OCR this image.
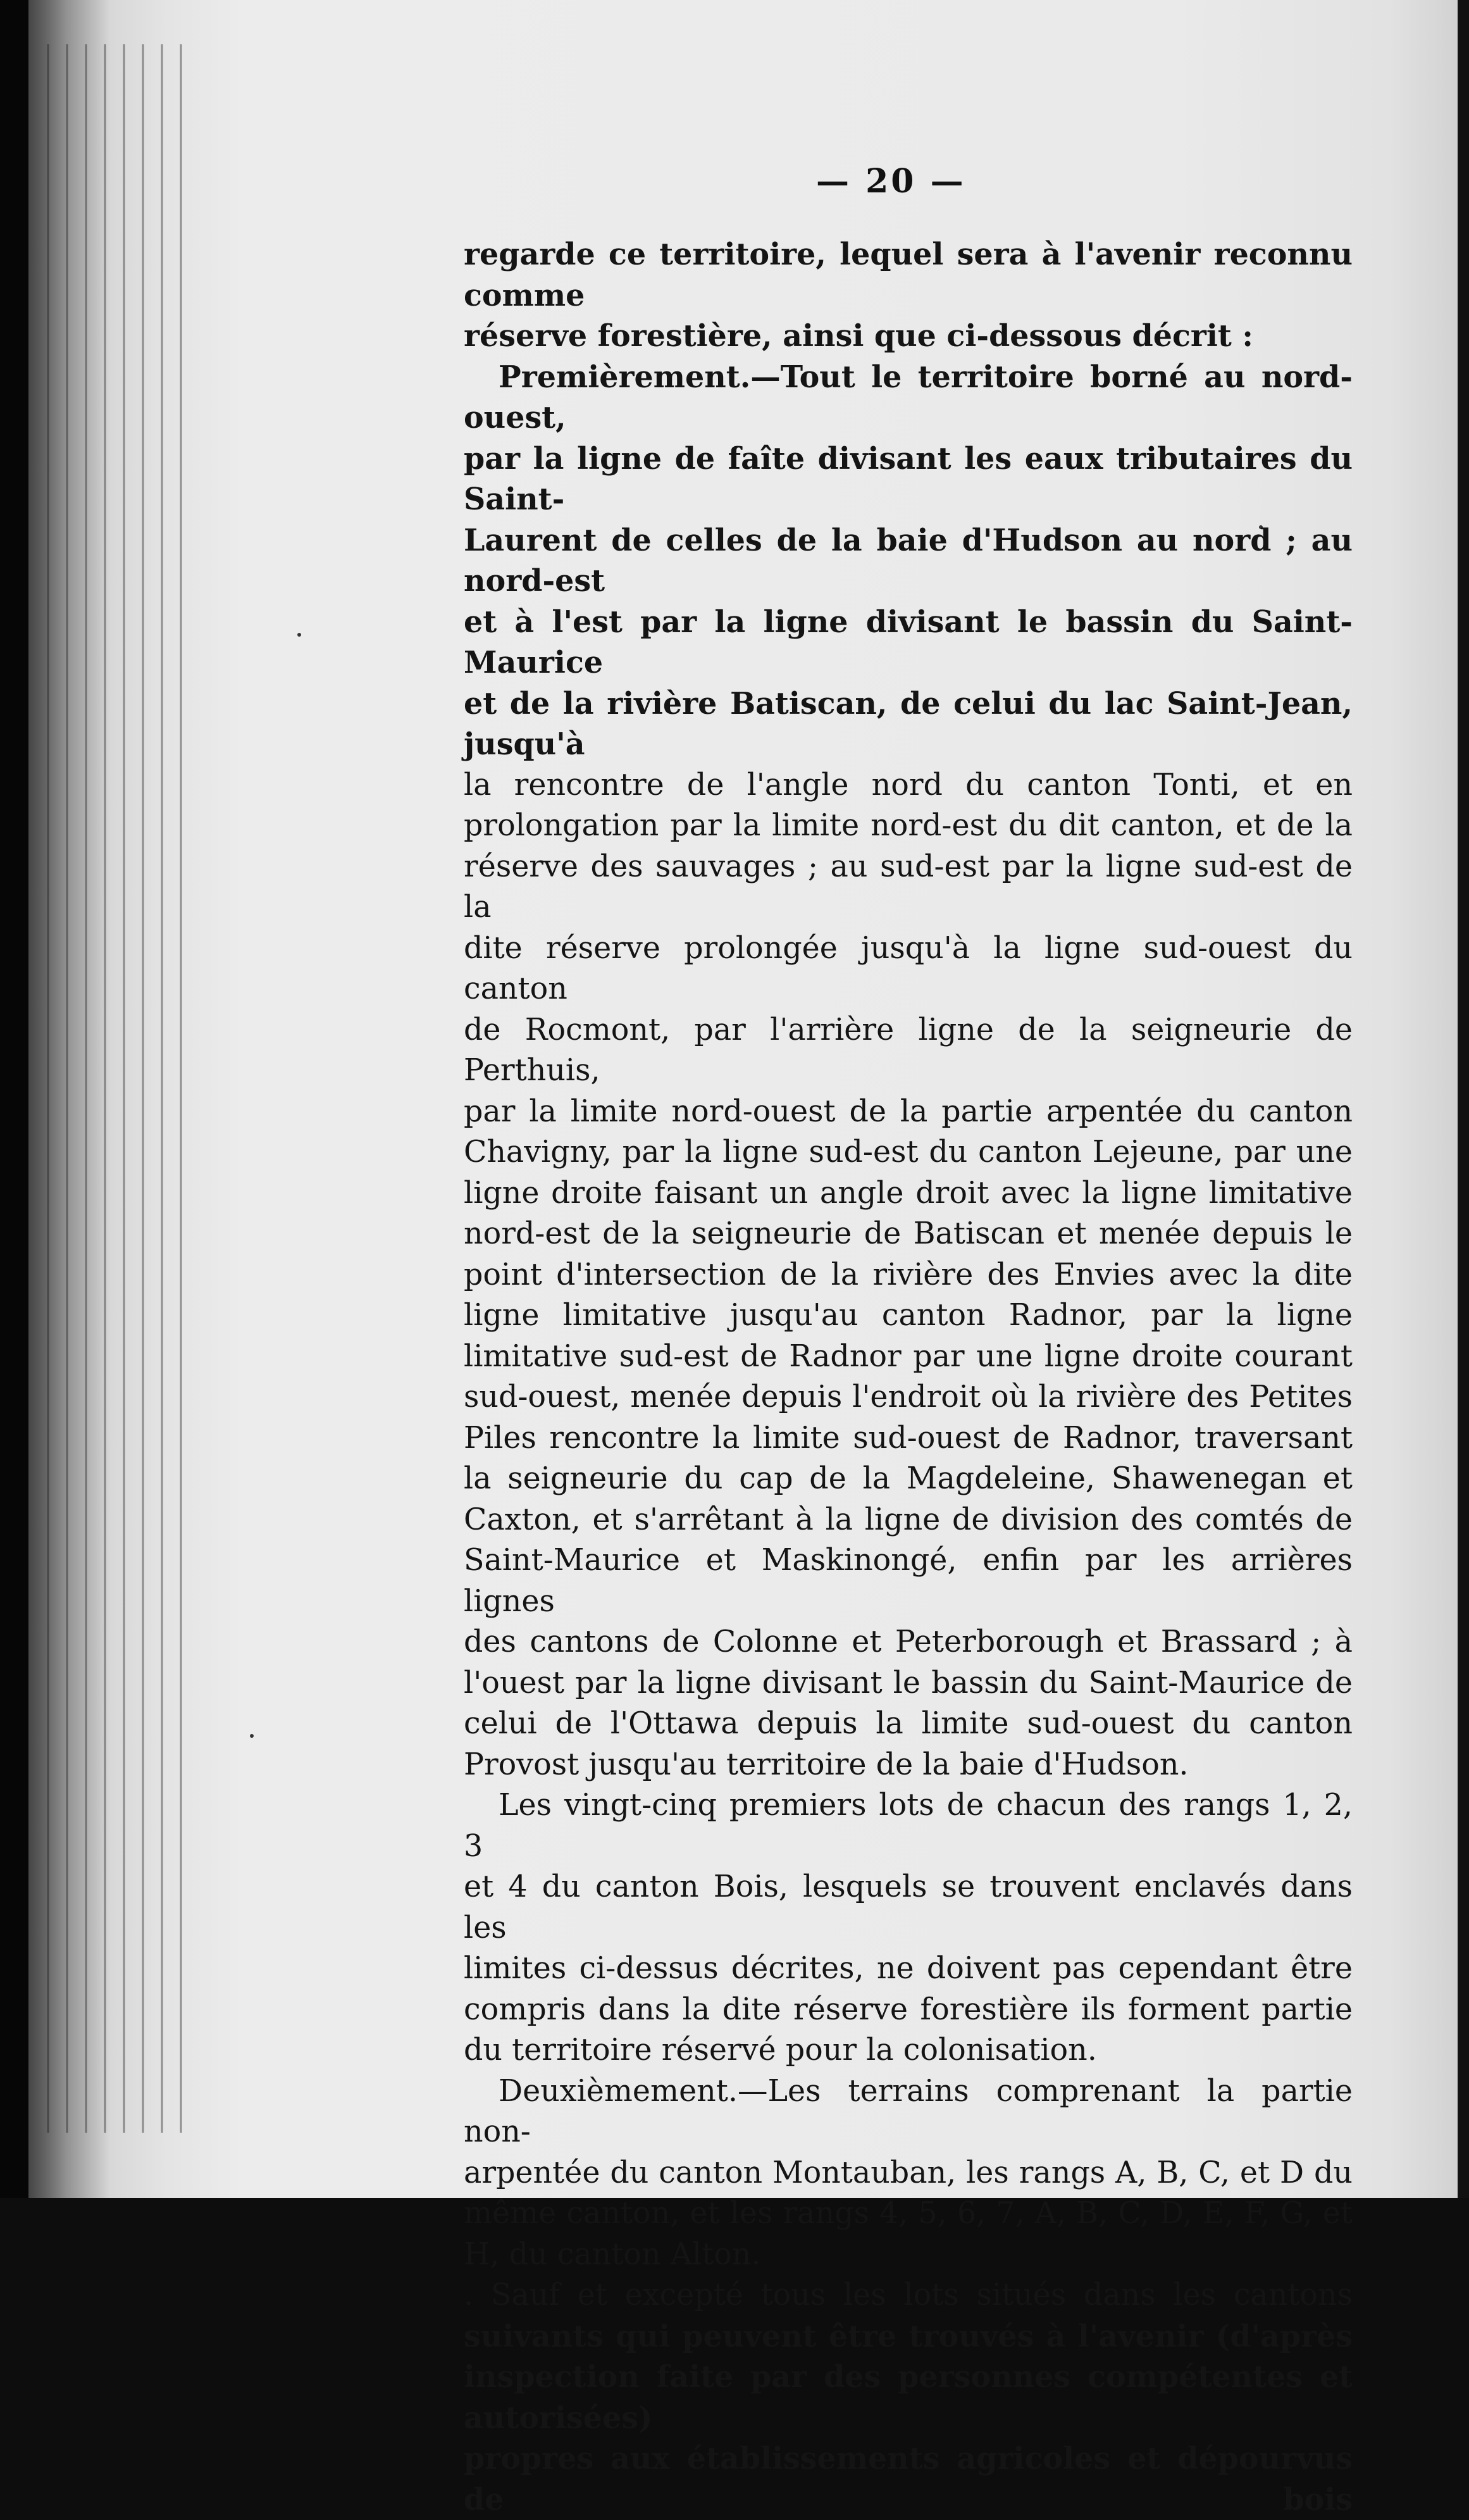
— 20 —

regarde ce territoire, lequel sera à l'avenir reconnu comme

réserve forestière, ainsi que ci-dessous décrit :

Premièrement.—Tout le territoire borné au nord-ouest,

par la ligne de faîte divisant les eaux tributaires du Saint-

Laurent de celles de la baie d'Hudson au nord ; au nord-est

et à l'est par la ligne divisant le bassin du Saint-Maurice

et de la rivière Batiscan, de celui du lac Saint-Jean, jusqu'à

la rencontre de l'angle nord du canton Tonti, et en

prolongation par la limite nord-est du dit canton, et de la

réserve des sauvages ; au sud-est par la ligne sud-est de la

dite réserve prolongée jusqu'à la ligne sud-ouest du canton

de Rocmont, par l'arrière ligne de la seigneurie de Perthuis,

par la limite nord-ouest de la partie arpentée du canton

Chavigny, par la ligne sud-est du canton Lejeune, par une

ligne droite faisant un angle droit avec la ligne limitative

nord-est de la seigneurie de Batiscan et menée depuis le

point d'intersection de la rivière des Envies avec la dite

ligne limitative jusqu'au canton Radnor, par la ligne

limitative sud-est de Radnor par une ligne droite courant

sud-ouest, menée depuis l'endroit où la rivière des Petites

Piles rencontre la limite sud-ouest de Radnor, traversant

la seigneurie du cap de la Magdeleine, Shawenegan et

Caxton, et s'arrêtant à la ligne de division des comtés de

Saint-Maurice et Maskinongé, enfin par les arrières lignes

des cantons de Colonne et Peterborough et Brassard ; à

l'ouest par la ligne divisant le bassin du Saint-Maurice de

celui de l'Ottawa depuis la limite sud-ouest du canton

Provost jusqu'au territoire de la baie d'Hudson.

Les vingt-cinq premiers lots de chacun des rangs 1, 2, 3

et 4 du canton Bois, lesquels se trouvent enclavés dans les

limites ci-dessus décrites, ne doivent pas cependant être

compris dans la dite réserve forestière ils forment partie

du territoire réservé pour la colonisation.

Deuxièmement.—Les terrains comprenant la partie non-

arpentée du canton Montauban, les rangs A, B, C, et D du

même canton, et les rangs 4, 5, 6, 7, A, B, C, D, E, F, G, et

H, du canton Alton.

. Sauf et excepté tous les lots situés dans les cantons

suivants qui peuvent être trouvés à l'avenir (d'après

inspection faite par des personnes compétentes et autorisées)

propres aux établissements agricoles et dépourvus de bois
